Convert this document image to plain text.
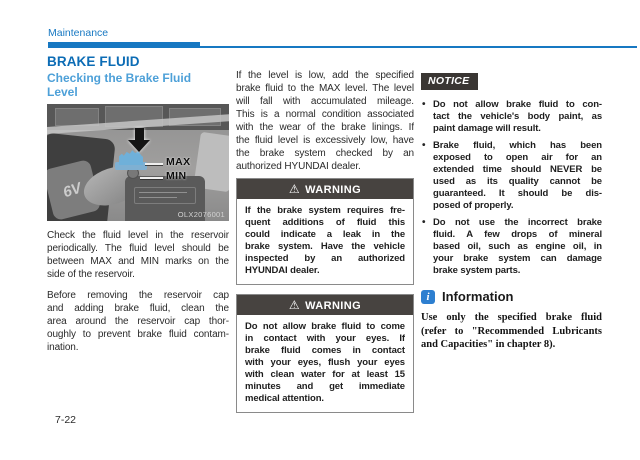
Maintenance
BRAKE FLUID
Checking the Brake Fluid
Level
6V
MAX
MIN
OLX2076001
Check the fluid level in the reservoir
periodically. The fluid level should be
between MAX and MIN marks on the
side of the reservoir.
Before removing the reservoir cap
and adding brake fluid, clean the
area around the reservoir cap thor-
oughly to prevent brake fluid contam-
ination.
If the level is low, add the specified
brake fluid to the MAX level. The level
will fall with accumulated mileage.
This is a normal condition associated
with the wear of the brake linings. If
the fluid level is excessively low, have
the brake system checked by an
authorized HYUNDAI dealer.
⚠ WARNING
If the brake system requires fre-
quent additions of fluid this
could indicate a leak in the
brake system. Have the vehicle
inspected by an authorized
HYUNDAI dealer.
⚠ WARNING
Do not allow brake fluid to come
in contact with your eyes. If
brake fluid comes in contact
with your eyes, flush your eyes
with clean water for at least 15
minutes and get immediate
medical attention.
NOTICE
• Do not allow brake fluid to con-
tact the vehicle's body paint, as
paint damage will result.
• Brake fluid, which has been
exposed to open air for an
extended time should NEVER be
used as its quality cannot be
guaranteed. It should be dis-
posed of properly.
• Do not use the incorrect brake
fluid. A few drops of mineral
based oil, such as engine oil, in
your brake system can damage
brake system parts.
i Information
Use only the specified brake fluid
(refer to "Recommended Lubricants
and Capacities" in chapter 8).
7-22
